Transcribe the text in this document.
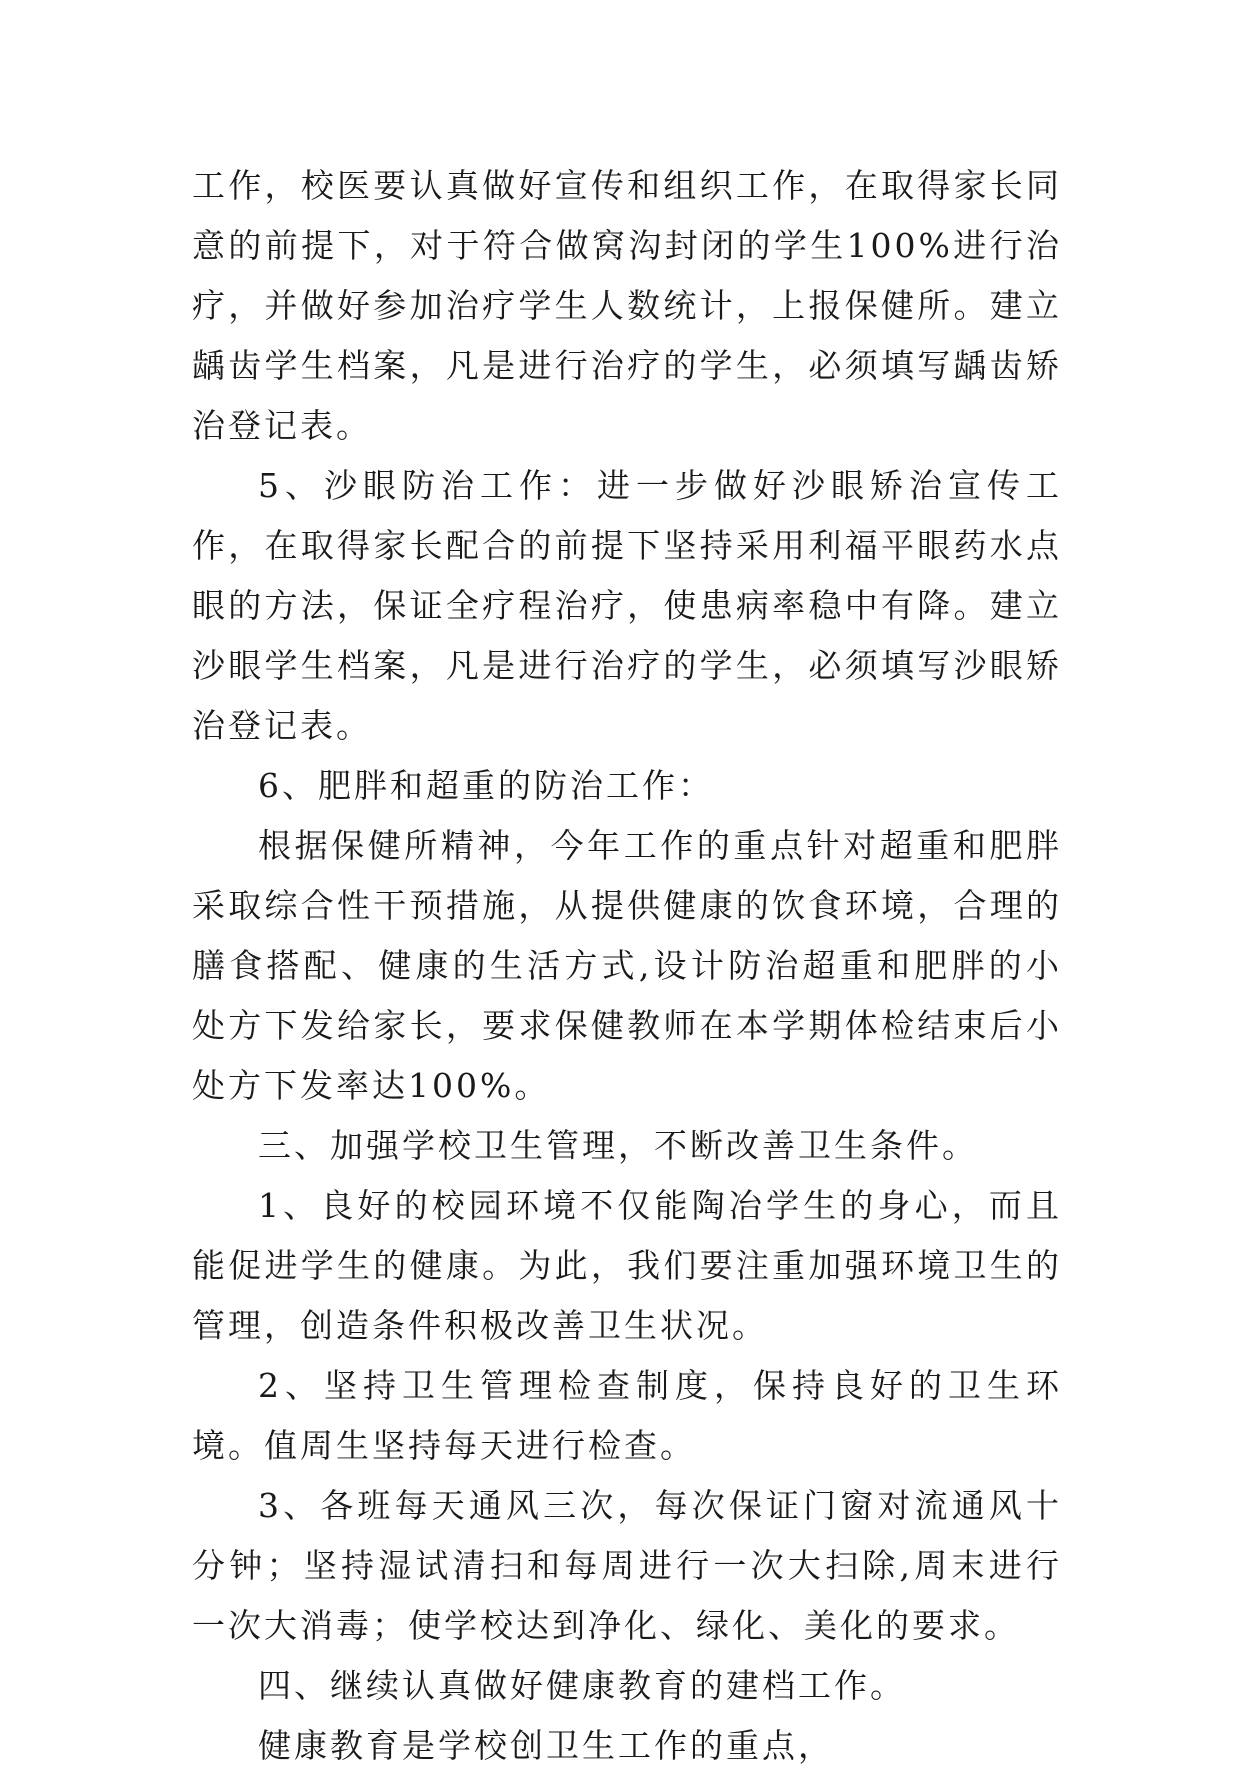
工作，校医要认真做好宣传和组织工作，在取得家长同意的前提下，对于符合做窝沟封闭的学生100%进行治疗，并做好参加治疗学生人数统计，上报保健所。建立龋齿学生档案，凡是进行治疗的学生，必须填写龋齿矫治登记表。

5、沙眼防治工作：进一步做好沙眼矫治宣传工作，在取得家长配合的前提下坚持采用利福平眼药水点眼的方法，保证全疗程治疗，使患病率稳中有降。建立沙眼学生档案，凡是进行治疗的学生，必须填写沙眼矫治登记表。

6、肥胖和超重的防治工作：

根据保健所精神，今年工作的重点针对超重和肥胖采取综合性干预措施，从提供健康的饮食环境，合理的膳食搭配、健康的生活方式,设计防治超重和肥胖的小处方下发给家长，要求保健教师在本学期体检结束后小处方下发率达100%。

三、加强学校卫生管理，不断改善卫生条件。

1、良好的校园环境不仅能陶冶学生的身心，而且能促进学生的健康。为此，我们要注重加强环境卫生的管理，创造条件积极改善卫生状况。

2、坚持卫生管理检查制度，保持良好的卫生环境。值周生坚持每天进行检查。

3、各班每天通风三次，每次保证门窗对流通风十分钟；坚持湿试清扫和每周进行一次大扫除,周末进行一次大消毒；使学校达到净化、绿化、美化的要求。

四、继续认真做好健康教育的建档工作。

健康教育是学校创卫生工作的重点，
